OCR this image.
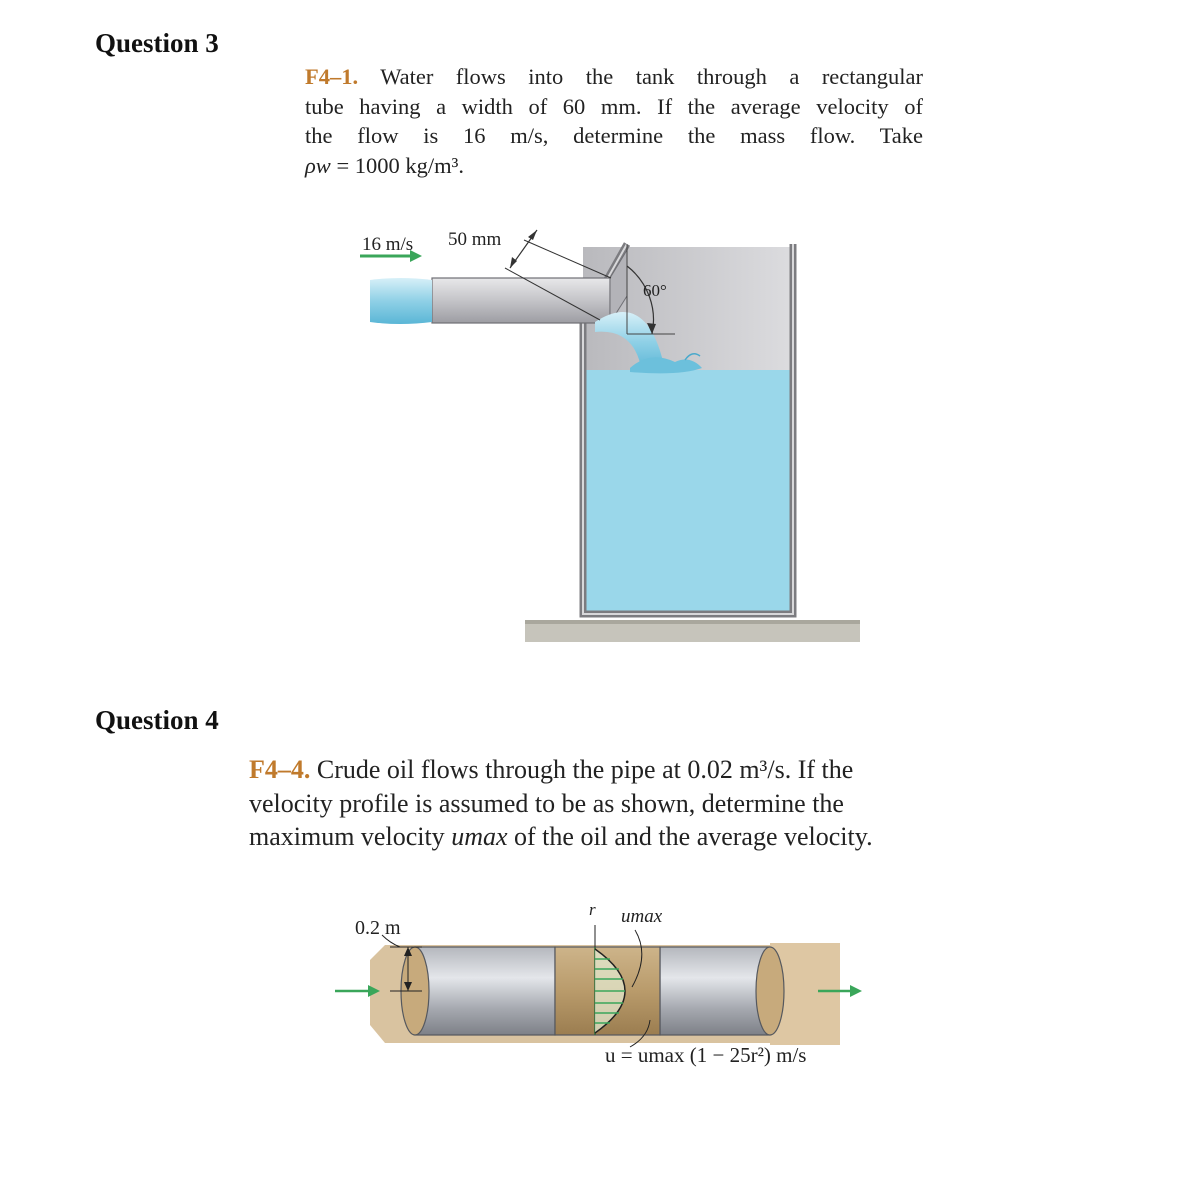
Question 3
F4–1. Water flows into the tank through a rectangular
tube having a width of 60 mm. If the average velocity of
the flow is 16 m/s, determine the mass flow. Take
ρw = 1000 kg/m³.
16 m/s 50 mm
60°
Question 4
F4–4. Crude oil flows through the pipe at 0.02 m³/s. If the
velocity profile is assumed to be as shown, determine the
maximum velocity umax of the oil and the average velocity.
0.2 m
r umax
u = umax (1 − 25r²) m/s
